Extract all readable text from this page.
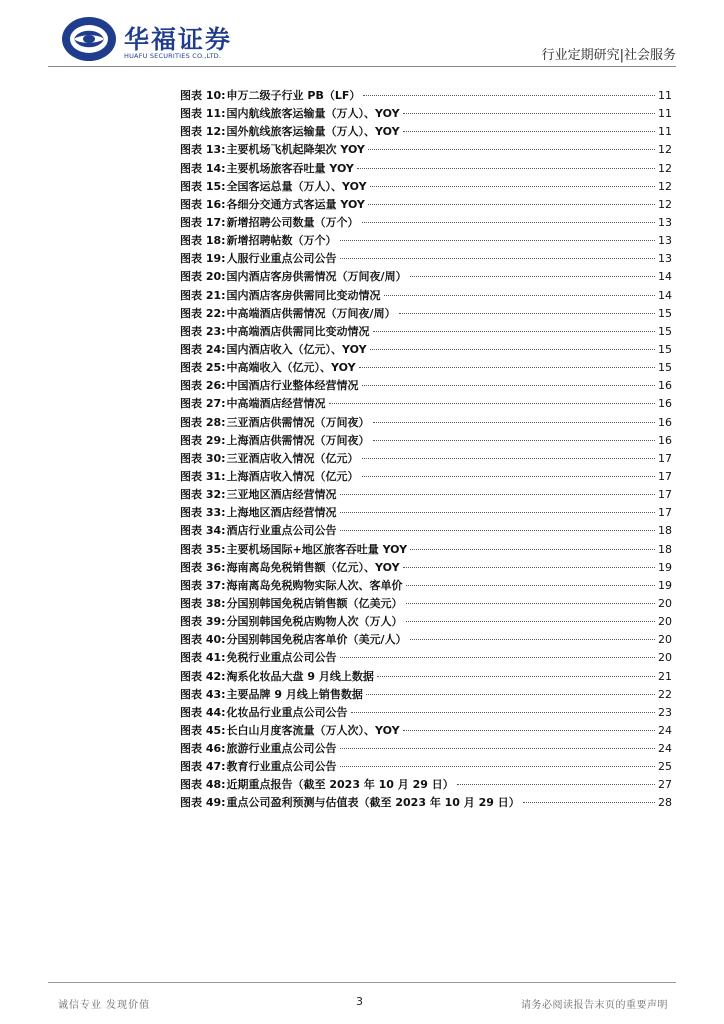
华福证券
HUAFU SECURITIES CO.,LTD.	行业定期研究|社会服务
图表 10: 申万二级子行业 PB（LF）	11
图表 11: 国内航线旅客运输量（万人）、YOY	11
图表 12: 国外航线旅客运输量（万人）、YOY	11
图表 13: 主要机场飞机起降架次 YOY	12
图表 14: 主要机场旅客吞吐量 YOY	12
图表 15: 全国客运总量（万人）、YOY	12
图表 16: 各细分交通方式客运量 YOY	12
图表 17: 新增招聘公司数量（万个）	13
图表 18: 新增招聘帖数（万个）	13
图表 19: 人服行业重点公司公告	13
图表 20: 国内酒店客房供需情况（万间夜/周）	14
图表 21: 国内酒店客房供需同比变动情况	14
图表 22: 中高端酒店供需情况（万间夜/周）	15
图表 23: 中高端酒店供需同比变动情况	15
图表 24: 国内酒店收入（亿元）、YOY	15
图表 25: 中高端收入（亿元）、YOY	15
图表 26: 中国酒店行业整体经营情况	16
图表 27: 中高端酒店经营情况	16
图表 28: 三亚酒店供需情况（万间夜）	16
图表 29: 上海酒店供需情况（万间夜）	16
图表 30: 三亚酒店收入情况（亿元）	17
图表 31: 上海酒店收入情况（亿元）	17
图表 32: 三亚地区酒店经营情况	17
图表 33: 上海地区酒店经营情况	17
图表 34: 酒店行业重点公司公告	18
图表 35: 主要机场国际+地区旅客吞吐量 YOY	18
图表 36: 海南离岛免税销售额（亿元）、YOY	19
图表 37: 海南离岛免税购物实际人次、客单价	19
图表 38: 分国别韩国免税店销售额（亿美元）	20
图表 39: 分国别韩国免税店购物人次（万人）	20
图表 40: 分国别韩国免税店客单价（美元/人）	20
图表 41: 免税行业重点公司公告	20
图表 42: 淘系化妆品大盘 9 月线上数据	21
图表 43: 主要品牌 9 月线上销售数据	22
图表 44: 化妆品行业重点公司公告	23
图表 45: 长白山月度客流量（万人次）、YOY	24
图表 46: 旅游行业重点公司公告	24
图表 47: 教育行业重点公司公告	25
图表 48: 近期重点报告（截至 2023 年 10 月 29 日）	27
图表 49: 重点公司盈利预测与估值表（截至 2023 年 10 月 29 日）	28
诚信专业 发现价值	3	请务必阅读报告末页的重要声明
